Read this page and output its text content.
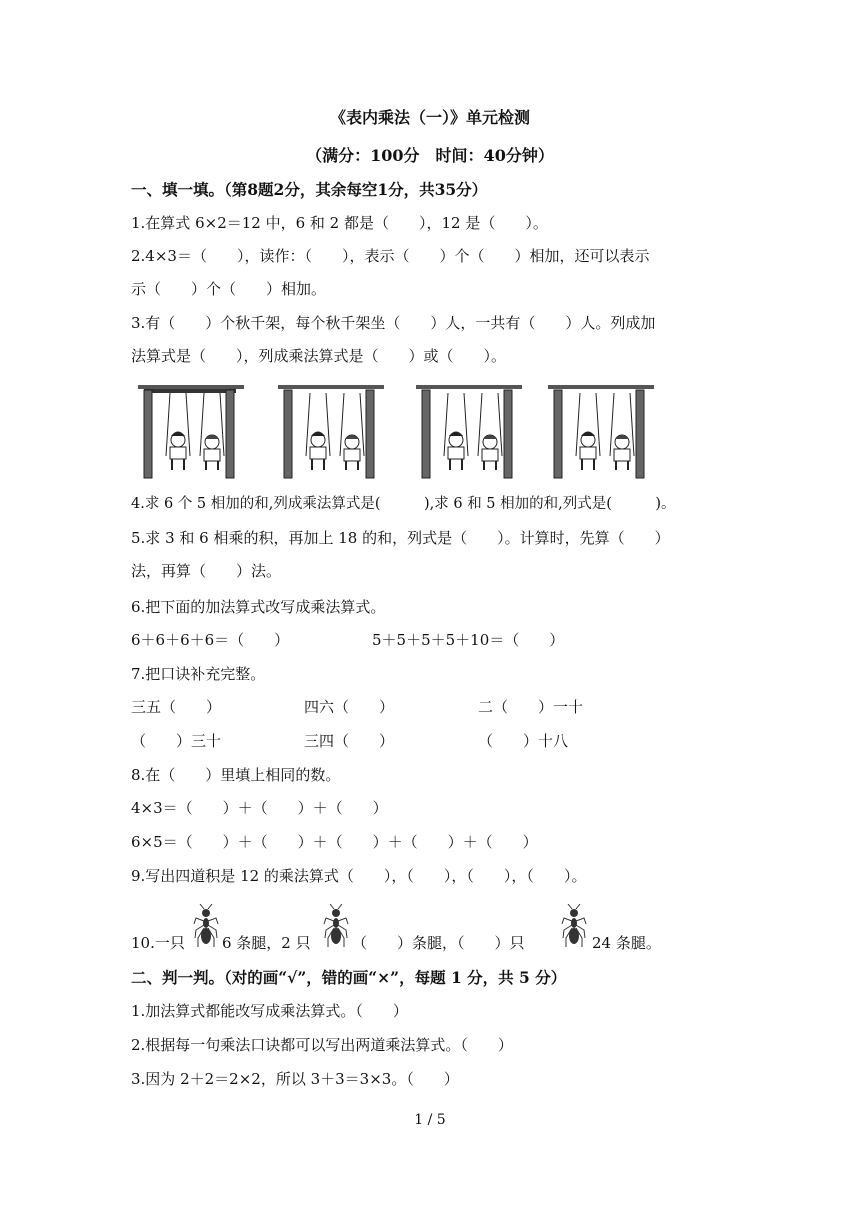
《表内乘法（一）》单元检测
（满分：100分　时间：40分钟）
一、填一填。（第8题2分，其余每空1分，共35分）
1.在算式 6×2＝12 中，6 和 2 都是（　　），12 是（　　）。
2.4×3＝（　　），读作：（　　），表示（　　）个（　　）相加，还可以表示
示（　　）个（　　）相加。
3.有（　　）个秋千架，每个秋千架坐（　　）人，一共有（　　）人。列成加
法算式是（　　），列成乘法算式是（　　）或（　　）。
4.求 6 个 5 相加的和,列成乘法算式是(　　　),求 6 和 5 相加的和,列式是(　　　)。
5.求 3 和 6 相乘的积，再加上 18 的和，列式是（　　）。计算时，先算（　　）
法，再算（　　）法。
6.把下面的加法算式改写成乘法算式。
6＋6＋6＋6＝（　　）	5＋5＋5＋5＋10＝（　　）
7.把口诀补充完整。
三五（　　）	四六（　　）	二（　　）一十
（　　）三十	三四（　　）	（　　）十八
8.在（　　）里填上相同的数。
4×3＝（　　）＋（　　）＋（　　）
6×5＝（　　）＋（　　）＋（　　）＋（　　）＋（　　）
9.写出四道积是 12 的乘法算式（　　），（　　），（　　），（　　）。
10.一只 6 条腿，2 只	（　　）条腿，（　　）只	24 条腿。
二、判一判。（对的画“√”，错的画“×”，每题 1 分，共 5 分）
1.加法算式都能改写成乘法算式。（　　）
2.根据每一句乘法口诀都可以写出两道乘法算式。（　　）
3.因为 2＋2＝2×2，所以 3＋3＝3×3。（　　）
1 / 5
